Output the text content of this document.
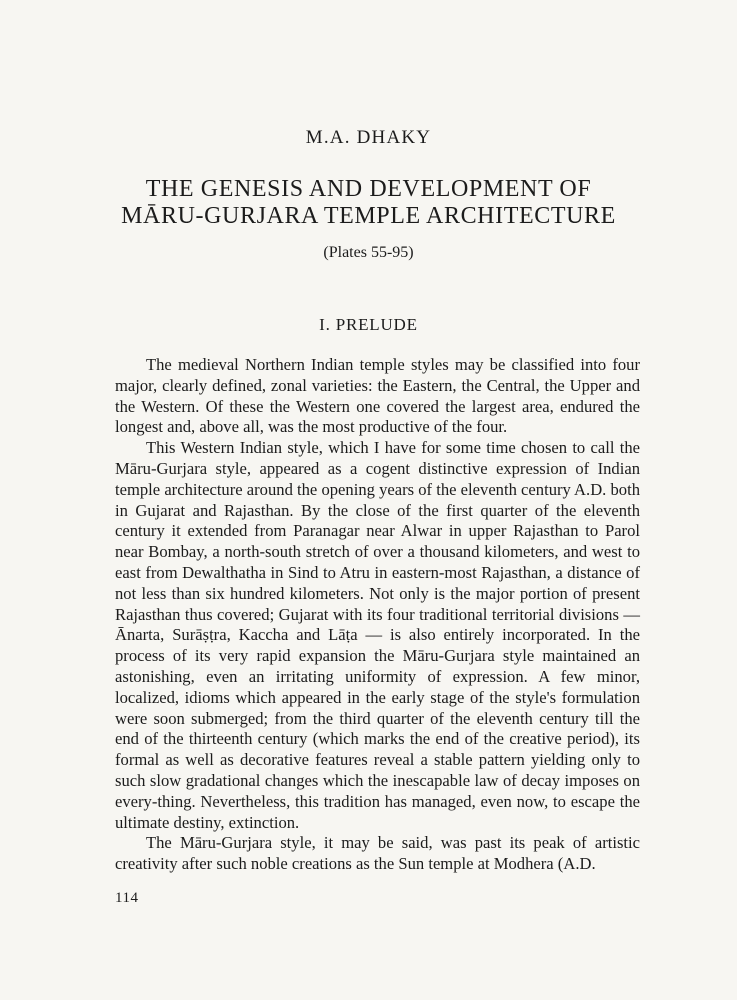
M.A. DHAKY
THE GENESIS AND DEVELOPMENT OF
MĀRU-GURJARA TEMPLE ARCHITECTURE
(Plates 55-95)
I. PRELUDE

The medieval Northern Indian temple styles may be classified into four major, clearly defined, zonal varieties: the Eastern, the Central, the Upper and the Western. Of these the Western one covered the largest area, endured the longest and, above all, was the most productive of the four.

This Western Indian style, which I have for some time chosen to call the Māru-Gurjara style, appeared as a cogent distinctive expression of Indian temple architecture around the opening years of the eleventh century A.D. both in Gujarat and Rajasthan. By the close of the first quarter of the eleventh century it extended from Paranagar near Alwar in upper Rajasthan to Parol near Bombay, a north-south stretch of over a thousand kilometers, and west to east from Dewalthatha in Sind to Atru in eastern-most Rajasthan, a distance of not less than six hundred kilometers. Not only is the major portion of present Rajasthan thus covered; Gujarat with its four traditional territorial divisions — Ānarta, Surāṣṭra, Kaccha and Lāṭa — is also entirely incorporated. In the process of its very rapid expansion the Māru-Gurjara style maintained an astonishing, even an irritating uniformity of expression. A few minor, localized, idioms which appeared in the early stage of the style's formulation were soon submerged; from the third quarter of the eleventh century till the end of the thirteenth century (which marks the end of the creative period), its formal as well as decorative features reveal a stable pattern yielding only to such slow gradational changes which the inescapable law of decay imposes on every-thing. Nevertheless, this tradition has managed, even now, to escape the ultimate destiny, extinction.

The Māru-Gurjara style, it may be said, was past its peak of artistic creativity after such noble creations as the Sun temple at Modhera (A.D.

114
